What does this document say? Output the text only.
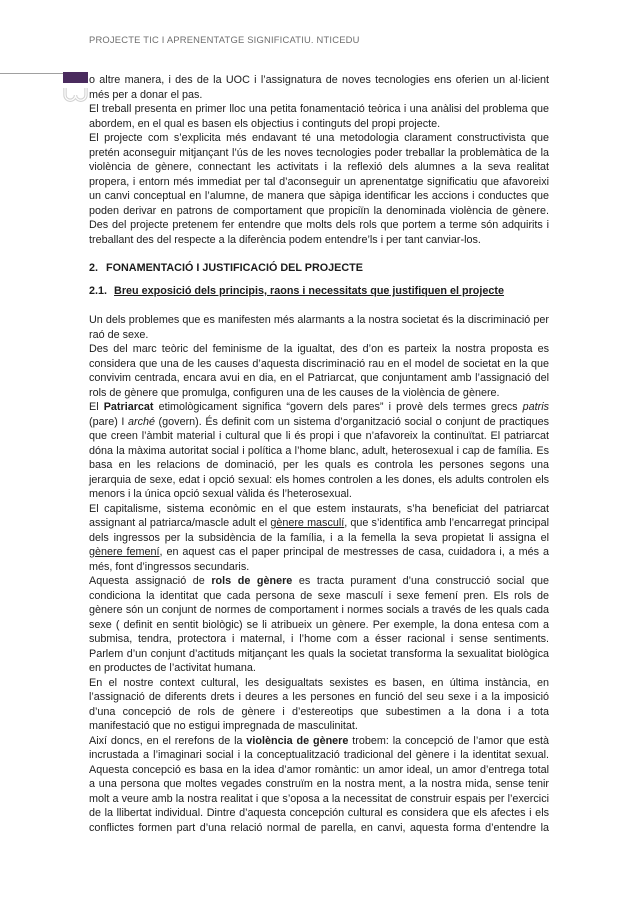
PROJECTE TIC I APRENENTATGE SIGNIFICATIU. NTICEDU
o altre manera, i des de la UOC i l’assignatura de noves tecnologies ens oferien un al·licient
més per a donar el pas.
El treball presenta en primer lloc una petita fonamentació teòrica i una anàlisi del problema que
abordem, en el qual es basen els objectius i continguts del propi projecte.
El projecte com s’explicita més endavant té una metodologia clarament constructivista que
pretén aconseguir mitjançant l’ús de les noves tecnologies poder treballar la problemàtica de la
violència de gènere, connectant les activitats i la reflexió dels alumnes a la seva realitat
propera, i entorn més immediat per tal d’aconseguir un aprenentatge significatiu que afavoreixi
un canvi conceptual en l’alumne, de manera que sàpiga identificar les accions i conductes que
poden derivar en patrons de comportament que propiciïn la denominada violència de gènere.
Des del projecte pretenem fer entendre que molts dels rols que portem a terme són adquirits i
treballant des del respecte a la diferència podem entendre’ls i per tant canviar-los.
2. FONAMENTACIÓ I JUSTIFICACIÓ DEL PROJECTE
2.1. Breu exposició dels principis, raons i necessitats que justifiquen el projecte
Un dels problemes que es manifesten més alarmants a la nostra societat és la discriminació per
raó de sexe.
Des del marc teòric del feminisme de la igualtat, des d’on es parteix la nostra proposta es
considera que una de les causes d’aquesta discriminació rau en el model de societat en la que
convivim centrada, encara avui en dia, en el Patriarcat, que conjuntament amb l’assignació del
rols de gènere que promulga, configuren una de les causes de la violència de gènere.
El Patriarcat etimològicament significa “govern dels pares” i provè dels termes grecs patris
(pare) I arché (govern). És definit com un sistema d’organització social o conjunt de practiques
que creen l’àmbit material i cultural que li és propi i que n’afavoreix la continuïtat. El patriarcat
dóna la màxima autoritat social i política a l’home blanc, adult, heterosexual i cap de família. Es
basa en les relacions de dominació, per les quals es controla les persones segons una
jerarquia de sexe, edat i opció sexual: els homes controlen a les dones, els adults controlen els
menors i la única opció sexual vàlida és l’heterosexual.
El capitalisme, sistema econòmic en el que estem instaurats, s’ha beneficiat del patriarcat
assignant al patriarca/mascle adult el gènere masculí, que s’identifica amb l’encarregat principal
dels ingressos per la subsidència de la família, i a la femella la seva propietat li assigna el
gènere femení, en aquest cas el paper principal de mestresses de casa, cuidadora i, a més a
més, font d’ingressos secundaris.
Aquesta assignació de rols de gènere es tracta purament d’una construcció social que
condiciona la identitat que cada persona de sexe masculí i sexe femení pren. Els rols de
gènere són un conjunt de normes de comportament i normes socials a través de les quals cada
sexe ( definit en sentit biològic) se li atribueix un gènere. Per exemple, la dona entesa com a
submisa, tendra, protectora i maternal, i l’home com a ésser racional i sense sentiments.
Parlem d’un conjunt d’actituds mitjançant les quals la societat transforma la sexualitat biològica
en productes de l’activitat humana.
En el nostre context cultural, les desigualtats sexistes es basen, en última instància, en
l’assignació de diferents drets i deures a les persones en funció del seu sexe i a la imposició
d’una concepció de rols de gènere i d’estereotips que subestimen a la dona i a tota
manifestació que no estigui impregnada de masculinitat.
Així doncs, en el rerefons de la violència de gènere trobem: la concepció de l’amor que està
incrustada a l’imaginari social i la conceptualització tradicional del gènere i la identitat sexual.
Aquesta concepció es basa en la idea d’amor romàntic: un amor ideal, un amor d’entrega total
a una persona que moltes vegades construïm en la nostra ment, a la nostra mida, sense tenir
molt a veure amb la nostra realitat i que s’oposa a la necessitat de construir espais per l’exercici
de la llibertat individual. Dintre d’aquesta concepción cultural es considera que els afectes i els
conflictes formen part d’una relació normal de parella, en canvi, aquesta forma d’entendre la
